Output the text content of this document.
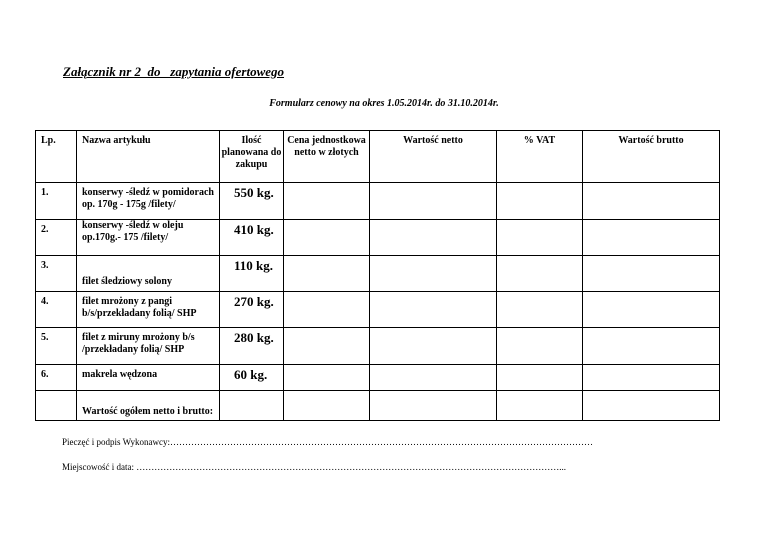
Załącznik nr 2  do   zapytania ofertowego
Formularz cenowy na okres 1.05.2014r. do 31.10.2014r.
Lp.	Nazwa artykułu	Ilość planowana do zakupu	Cena jednostkowa netto w złotych	Wartość netto	% VAT	Wartość brutto
1.	konserwy -śledź w pomidorach op. 170g - 175g /filety/	550 kg.				
2.	konserwy -śledź w oleju op.170g.- 175 /filety/	410 kg.				
3.	filet śledziowy solony	110 kg.				
4.	filet mrożony z pangi b/s/przekładany folią/ SHP	270 kg.				
5.	filet z miruny mrożony b/s /przekładany folią/ SHP	280 kg.				
6.	makrela wędzona	60 kg.				
	Wartość ogółem netto i brutto:					
Pieczęć i podpis Wykonawcy:……………………………………………………………………………………………………………………………
Miejscowość i data: ……………………………………………………………………………………………………………………………...
